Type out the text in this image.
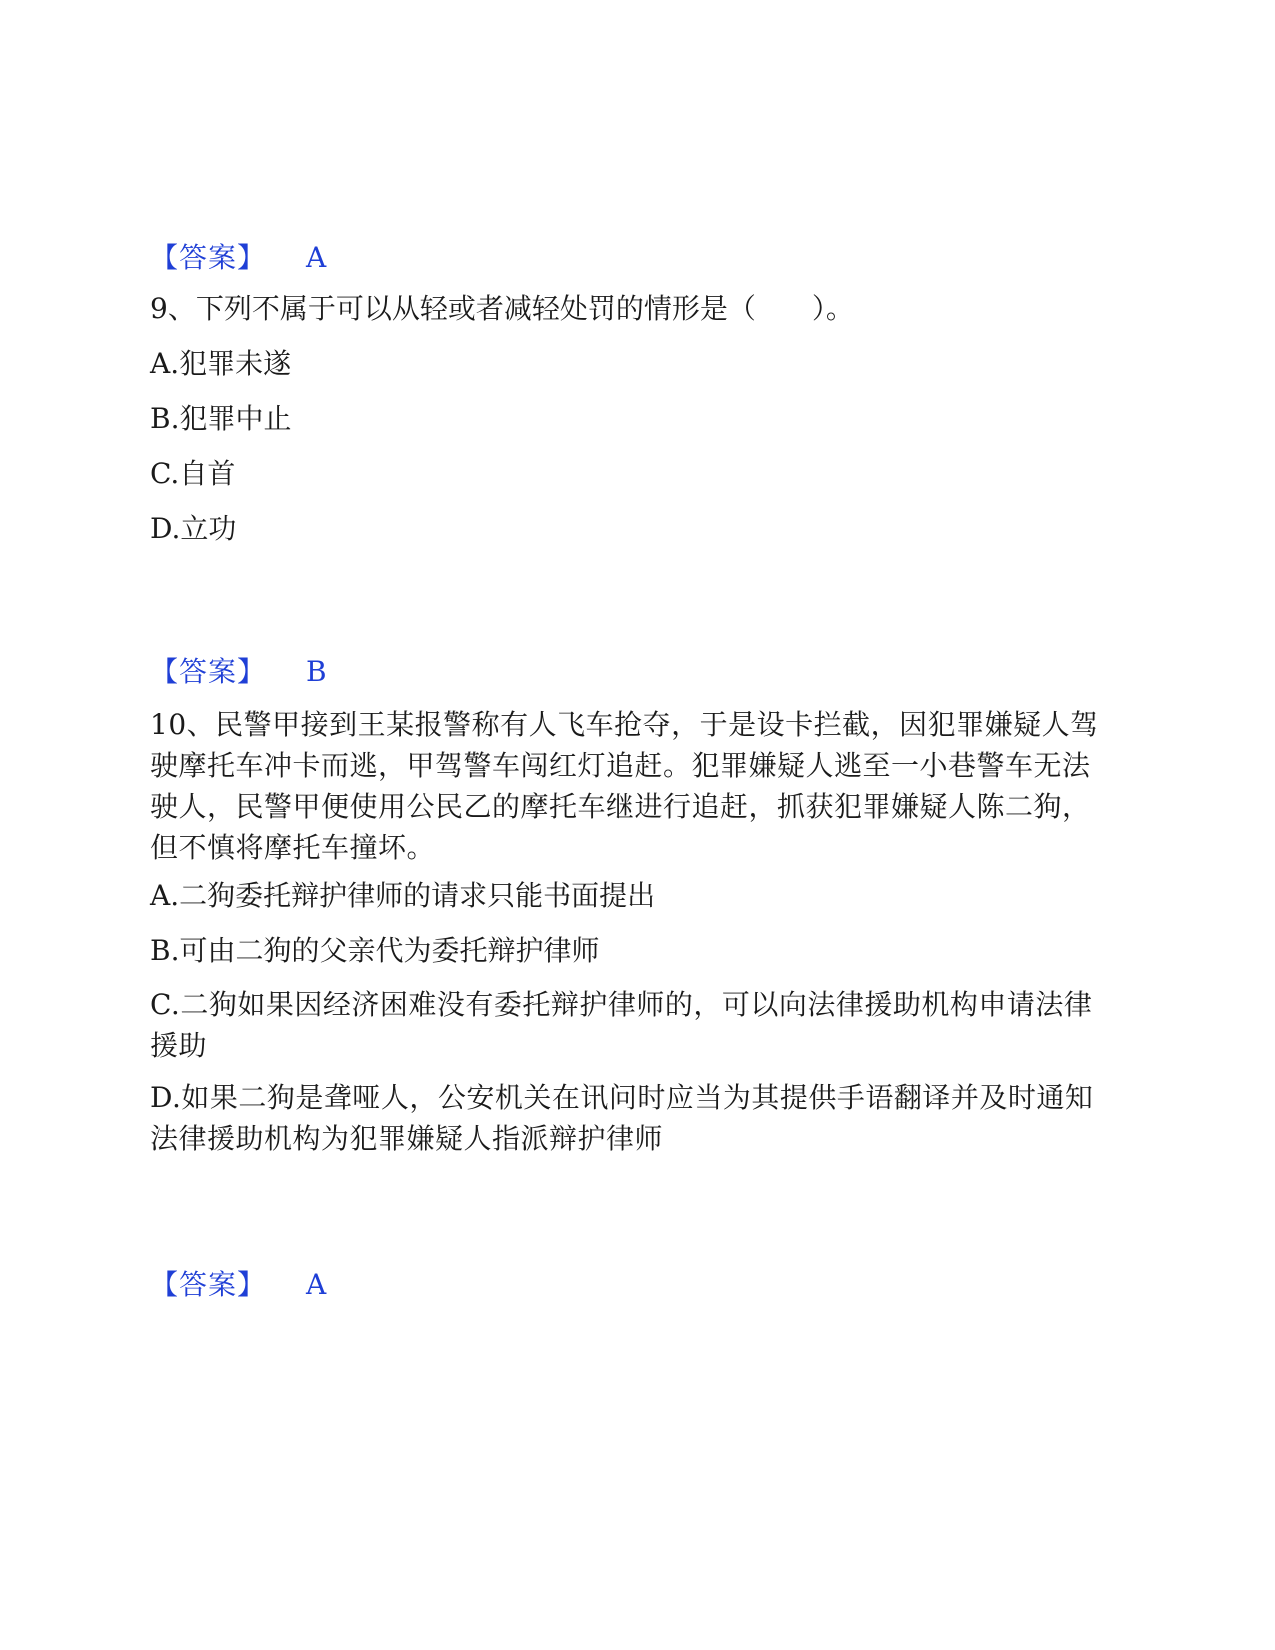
【答案】 A
9、下列不属于可以从轻或者减轻处罚的情形是（　　）。
A.犯罪未遂
B.犯罪中止
C.自首
D.立功
【答案】 B
10、民警甲接到王某报警称有人飞车抢夺，于是设卡拦截，因犯罪嫌疑人驾驶摩托车冲卡而逃，甲驾警车闯红灯追赶。犯罪嫌疑人逃至一小巷警车无法驶人，民警甲便使用公民乙的摩托车继进行追赶，抓获犯罪嫌疑人陈二狗，但不慎将摩托车撞坏。
A.二狗委托辩护律师的请求只能书面提出
B.可由二狗的父亲代为委托辩护律师
C.二狗如果因经济困难没有委托辩护律师的，可以向法律援助机构申请法律援助
D.如果二狗是聋哑人，公安机关在讯问时应当为其提供手语翻译并及时通知法律援助机构为犯罪嫌疑人指派辩护律师
【答案】 A
